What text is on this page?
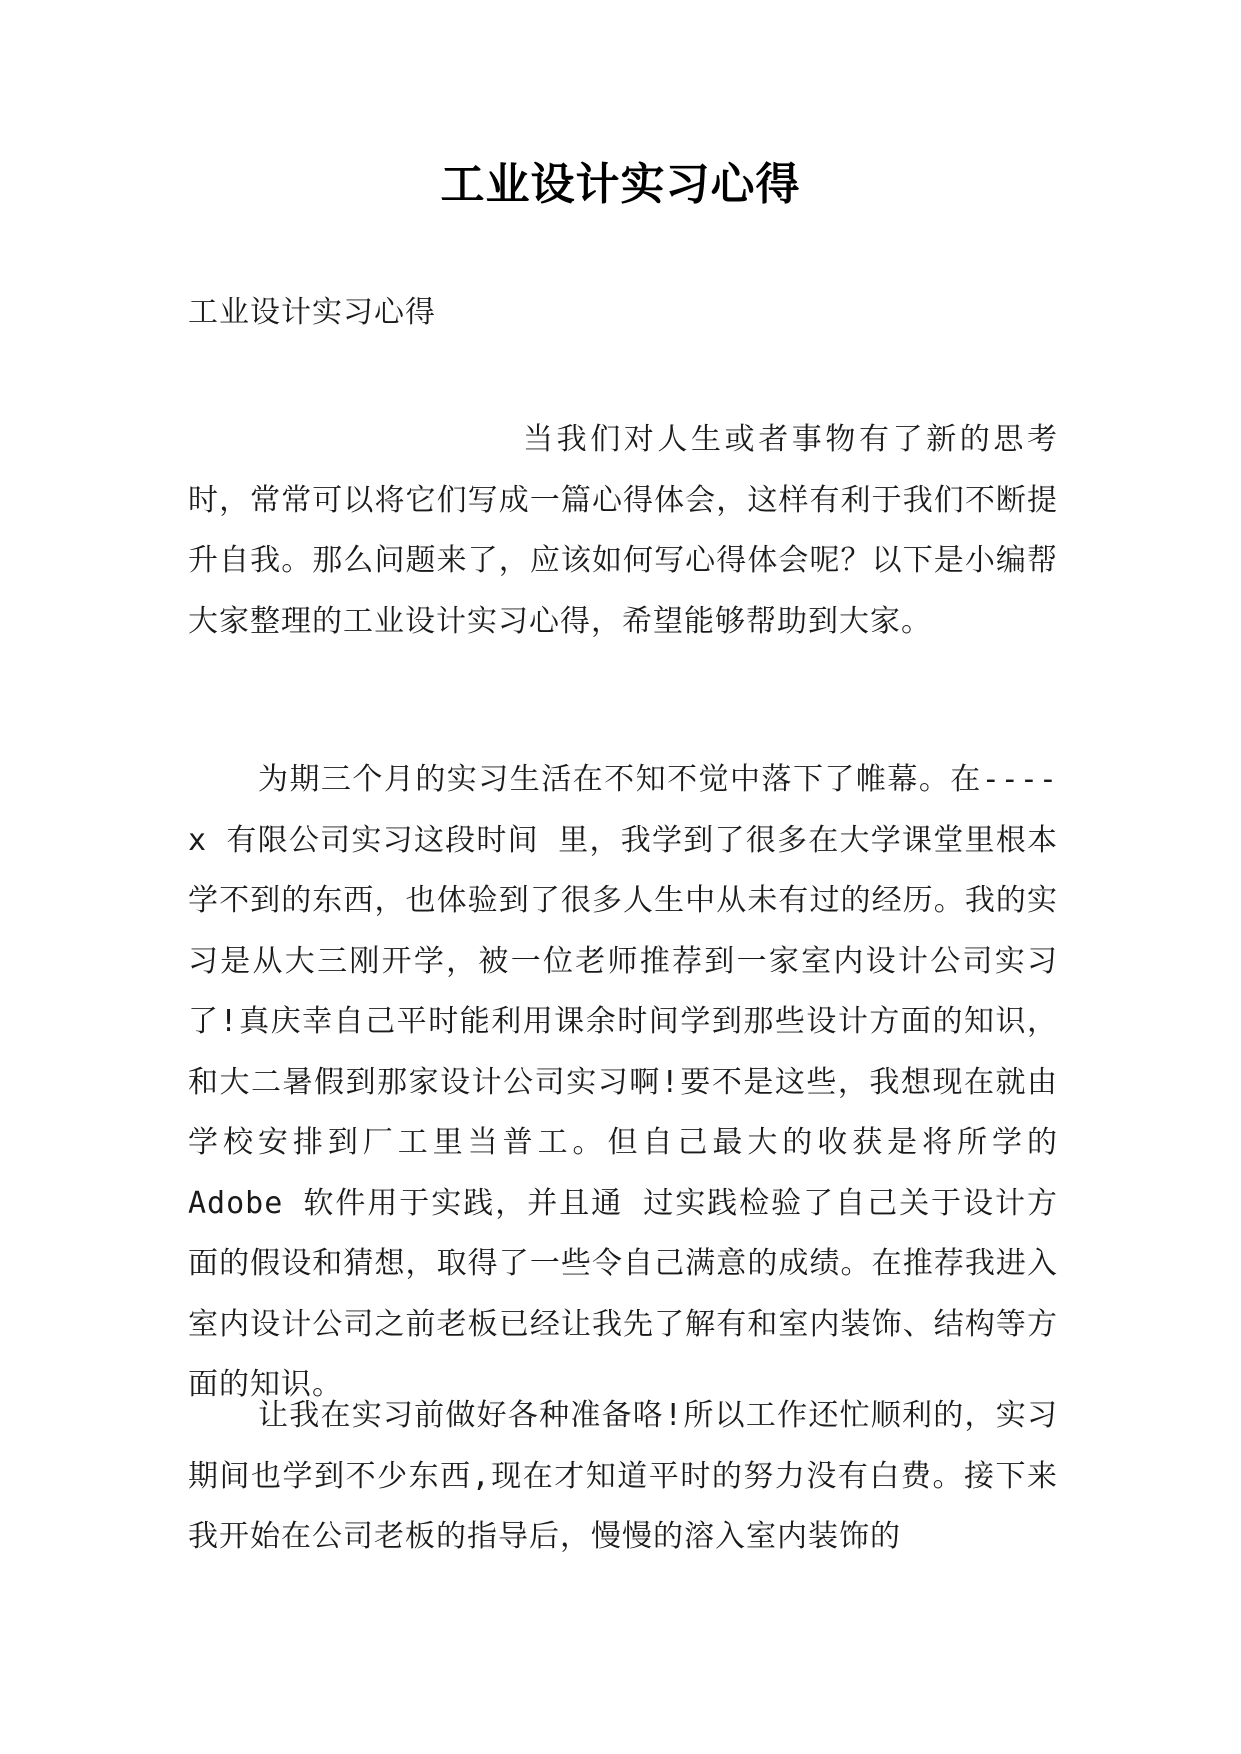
工业设计实习心得
工业设计实习心得

当我们对人生或者事物有了新的思考时，常常可以将它们写成一篇心得体会，这样有利于我们不断提升自我。那么问题来了，应该如何写心得体会呢？以下是小编帮大家整理的工业设计实习心得，希望能够帮助到大家。

为期三个月的实习生活在不知不觉中落下了帷幕。在----x 有限公司实习这段时间 里，我学到了很多在大学课堂里根本学不到的东西，也体验到了很多人生中从未有过的经历。我的实习是从大三刚开学，被一位老师推荐到一家室内设计公司实习了!真庆幸自己平时能利用课余时间学到那些设计方面的知识，和大二暑假到那家设计公司实习啊!要不是这些，我想现在就由学校安排到厂工里当普工。但自己最大的收获是将所学的 Adobe 软件用于实践，并且通 过实践检验了自己关于设计方面的假设和猜想，取得了一些令自己满意的成绩。在推荐我进入室内设计公司之前老板已经让我先了解有和室内装饰、结构等方面的知识。

让我在实习前做好各种准备咯!所以工作还忙顺利的，实习期间也学到不少东西,现在才知道平时的努力没有白费。接下来我开始在公司老板的指导后，慢慢的溶入室内装饰的
